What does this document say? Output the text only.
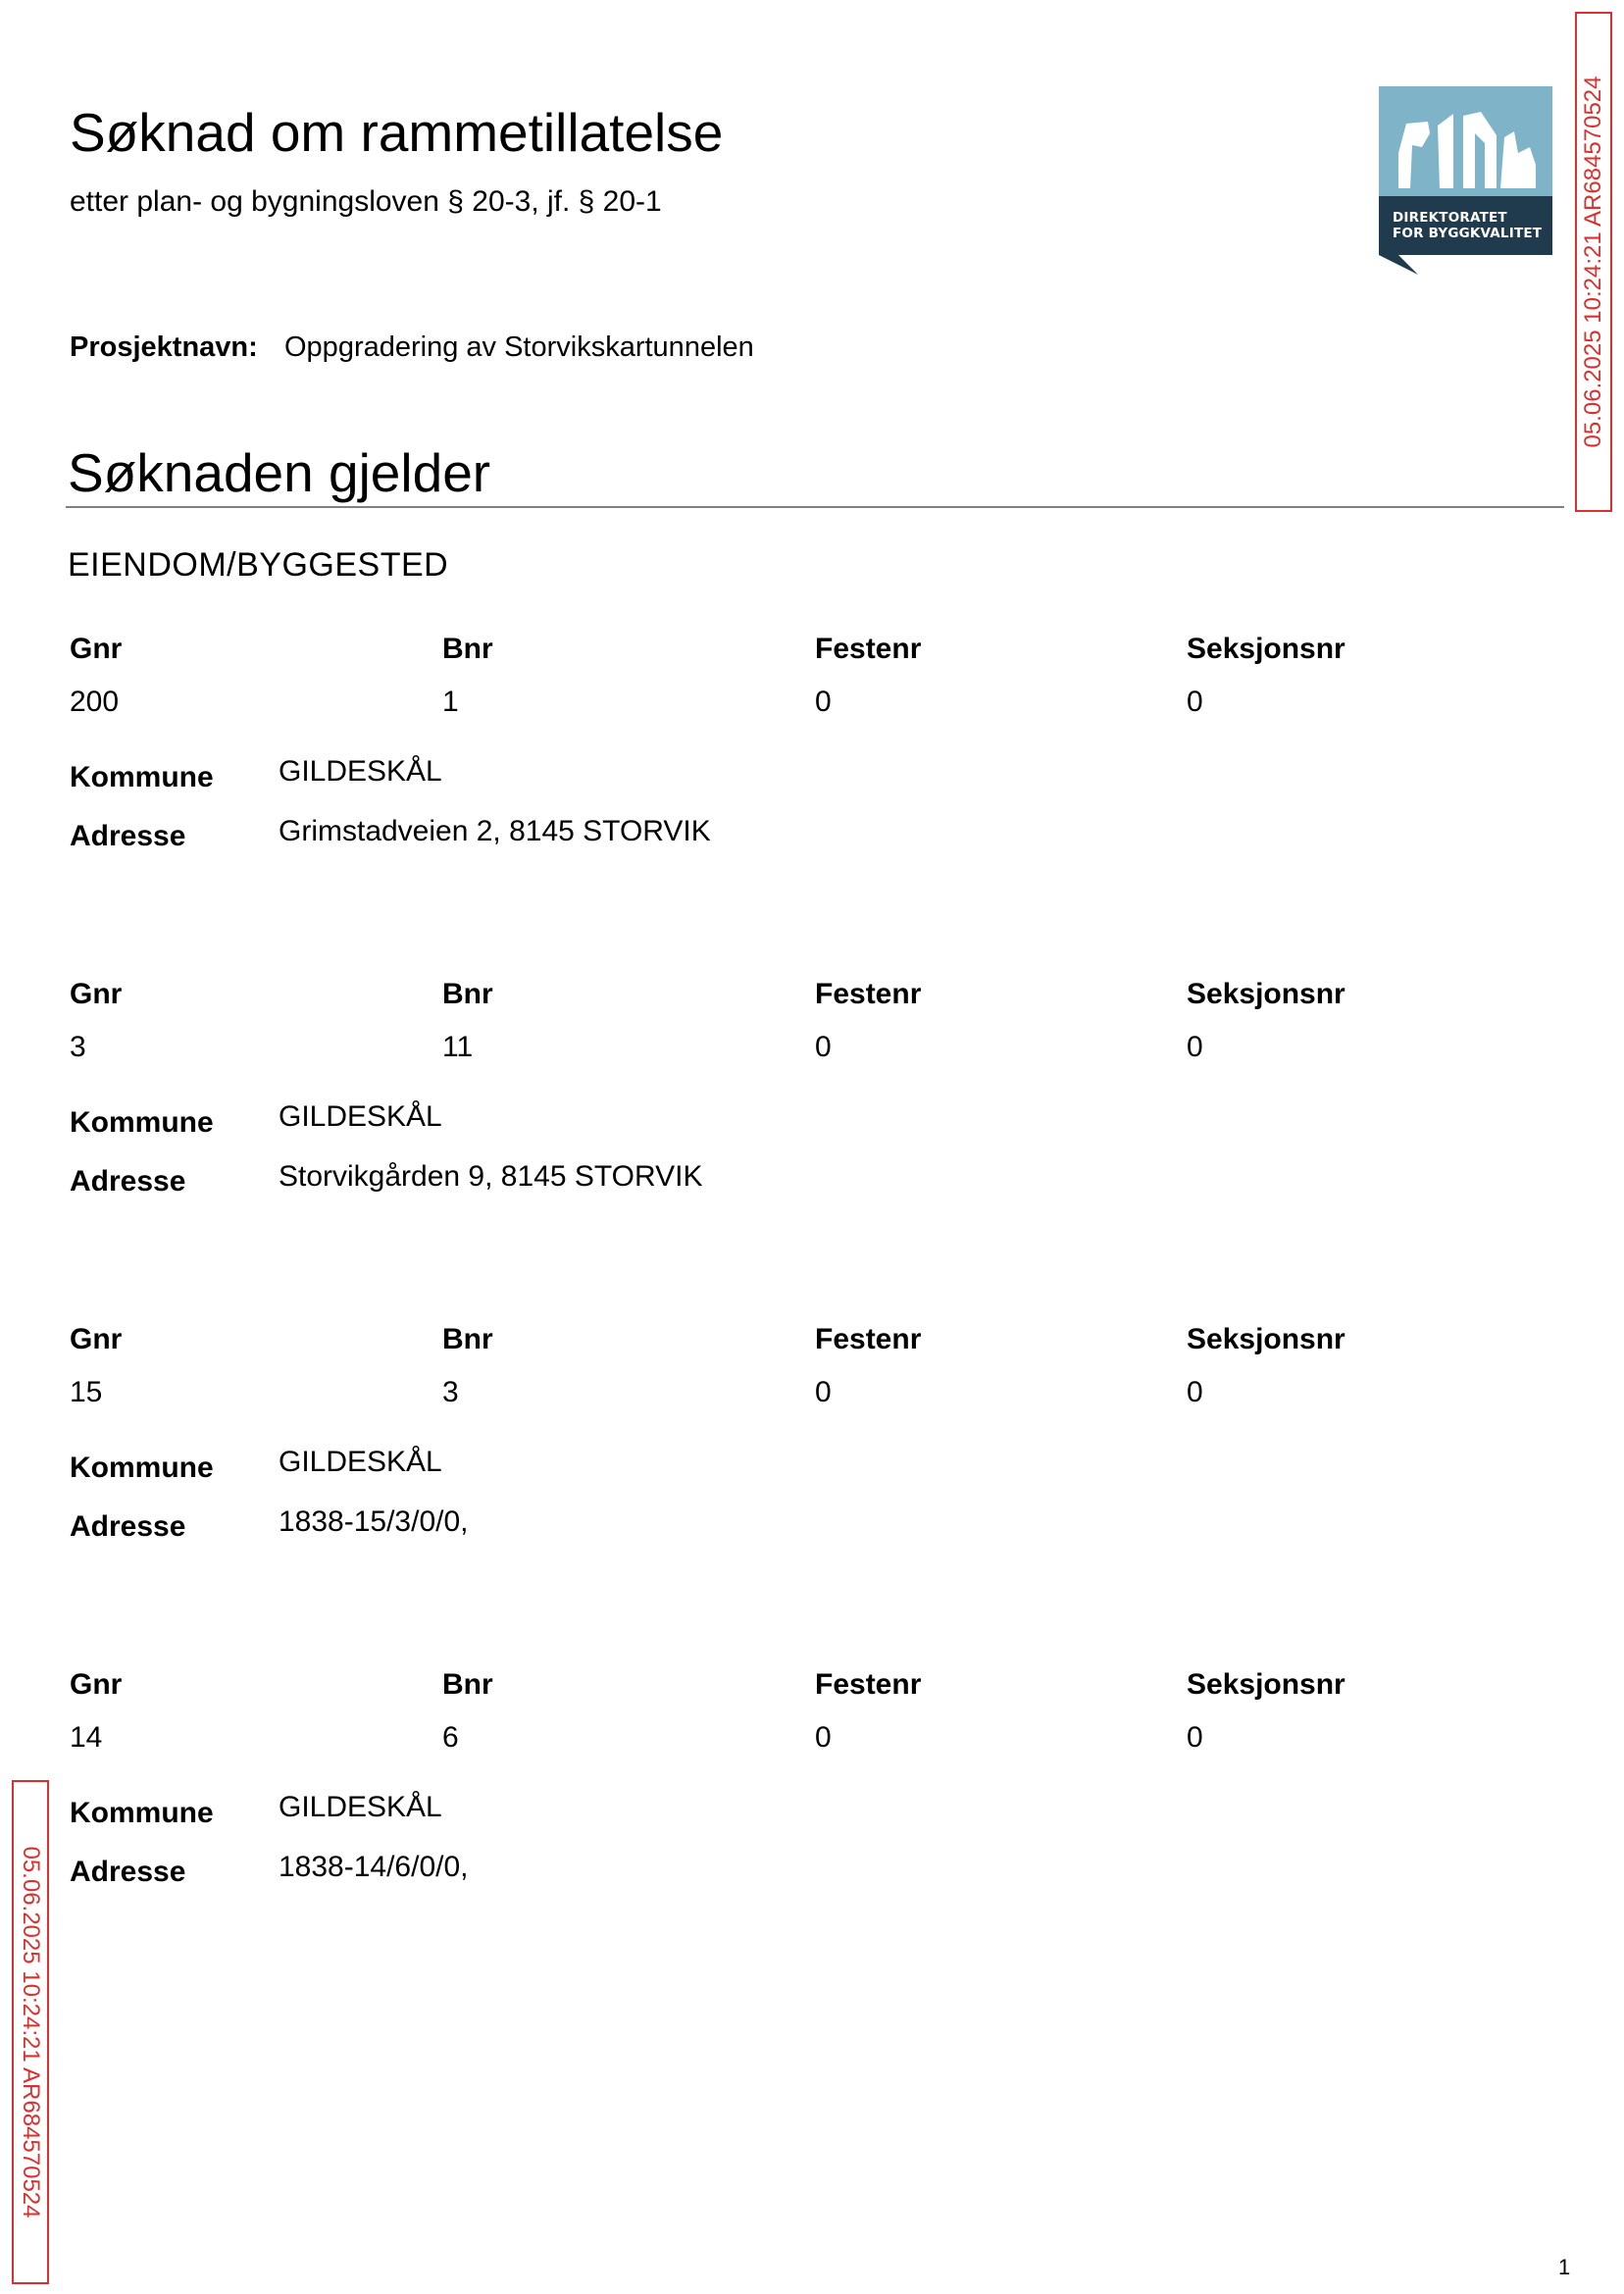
Søknad om rammetillatelse
etter plan- og bygningsloven § 20-3, jf. § 20-1
Prosjektnavn: Oppgradering av Storvikskartunnelen
DIREKTORATET
FOR BYGGKVALITET 05.06.2025 10:24:21 AR684570524
Søknaden gjelder
EIENDOM/BYGGESTED
Gnr	Bnr	Festenr	Seksjonsnr
200	1	0	0
Kommune GILDESKÅL
Adresse	Grimstadveien 2, 8145 STORVIK
Gnr	Bnr	Festenr	Seksjonsnr
3	11	0	0
Kommune GILDESKÅL
Adresse	Storvikgården 9, 8145 STORVIK
Gnr	Bnr	Festenr	Seksjonsnr
15	3	0	0
Kommune GILDESKÅL
Adresse	1838-15/3/0/0,
Gnr	Bnr	Festenr	Seksjonsnr
14	6	0	0
Kommune GILDESKÅL
Adresse	1838-14/6/0/0,
05.06.2025 10:24:21 AR684570524
1
